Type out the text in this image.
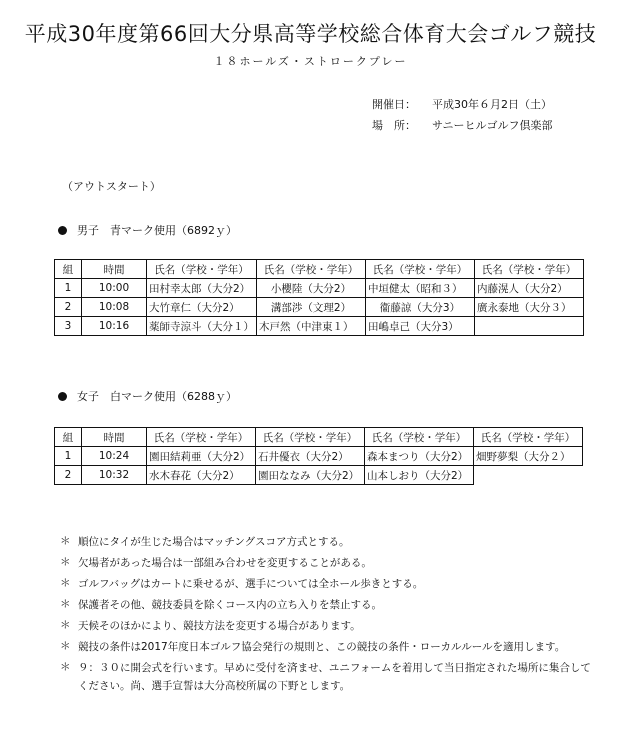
平成30年度第66回大分県高等学校総合体育大会ゴルフ競技
１８ホールズ・ストロークプレー
開催日： 平成30年６月2日（土）
場　所： サニーヒルゴルフ倶楽部
（アウトスタート）
男子　青マーク使用（6892ｙ）
組	時間	氏名（学校・学年）	氏名（学校・学年）	氏名（学校・学年）	氏名（学校・学年）
1	10:00	田村幸太郎（大分2）	小櫻陸（大分2）	中垣健太（昭和３）	内藤滉人（大分2）
2	10:08	大竹章仁（大分2）	溝部渉（文理2）	衞藤諒（大分3）	廣永泰地（大分３）
3	10:16	薬師寺涼斗（大分１）	木戸然（中津東１）	田嶋卓己（大分3）	
女子　白マーク使用（6288ｙ）
組	時間	氏名（学校・学年）	氏名（学校・学年）	氏名（学校・学年）	氏名（学校・学年）
1	10:24	園田結莉亜（大分2）	石井優衣（大分2）	森本まつり（大分2）	畑野夢梨（大分２）
2	10:32	水木春花（大分2）	園田ななみ（大分2）	山本しおり（大分2）	
＊ 順位にタイが生じた場合はマッチングスコア方式とする。
＊ 欠場者があった場合は一部組み合わせを変更することがある。
＊ ゴルフバッグはカートに乗せるが、選手については全ホール歩きとする。
＊ 保護者その他、競技委員を除くコース内の立ち入りを禁止する。
＊ 天候そのほかにより、競技方法を変更する場合があります。
＊ 競技の条件は2017年度日本ゴルフ協会発行の規則と、この競技の条件・ローカルルールを適用します。
＊ ９：３０に開会式を行います。早めに受付を済ませ、ユニフォームを着用して当日指定された場所に集合してください。尚、選手宣誓は大分高校所属の下野とします。
